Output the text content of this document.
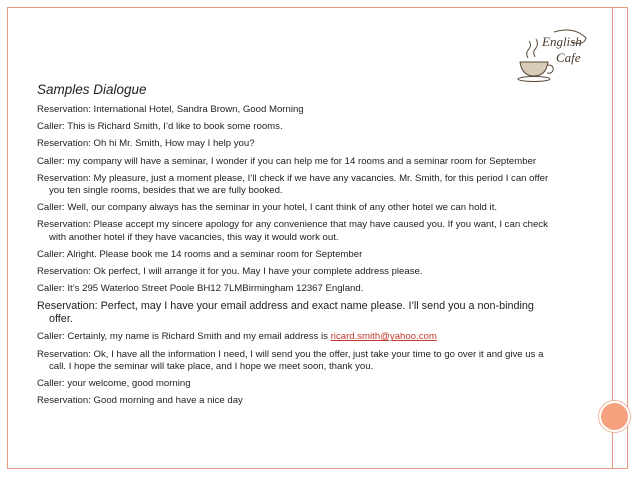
English
Cafe
Samples Dialogue
Reservation: International Hotel, Sandra Brown, Good Morning
Caller: This is Richard Smith, I’d like to book some rooms.
Reservation: Oh hi Mr. Smith, How may I help you?
Caller: my company will have a seminar, I wonder if you can help me for 14 rooms and a seminar room for September
Reservation: My pleasure, just a moment please, I’ll check if we have any vacancies. Mr. Smith, for this period I can offer you ten single rooms, besides that we are fully booked.
Caller: Well, our company always has the seminar in your hotel, I cant think of any other hotel we can hold it.
Reservation: Please accept my sincere apology for any convenience that may have caused you. If you want, I can check with another hotel if they have vacancies, this way it would work out.
Caller: Alright. Please book me 14 rooms and a seminar room for September
Reservation: Ok perfect, I will arrange it for you. May I have your complete address please.
Caller: It’s 295 Waterloo Street Poole BH12 7LMBirmingham 12367 England.
Reservation: Perfect, may I have your email address and exact name please. I’ll send you a non-binding offer.
Caller: Certainly, my name is Richard Smith and my email address is ricard.smith@yahoo.com
Reservation: Ok, I have all the information I need, I will send you the offer, just take your time to go over it and give us a call. I hope the seminar will take place, and I hope we meet soon, thank you.
Caller: your welcome, good morning
Reservation: Good morning and have a nice day
